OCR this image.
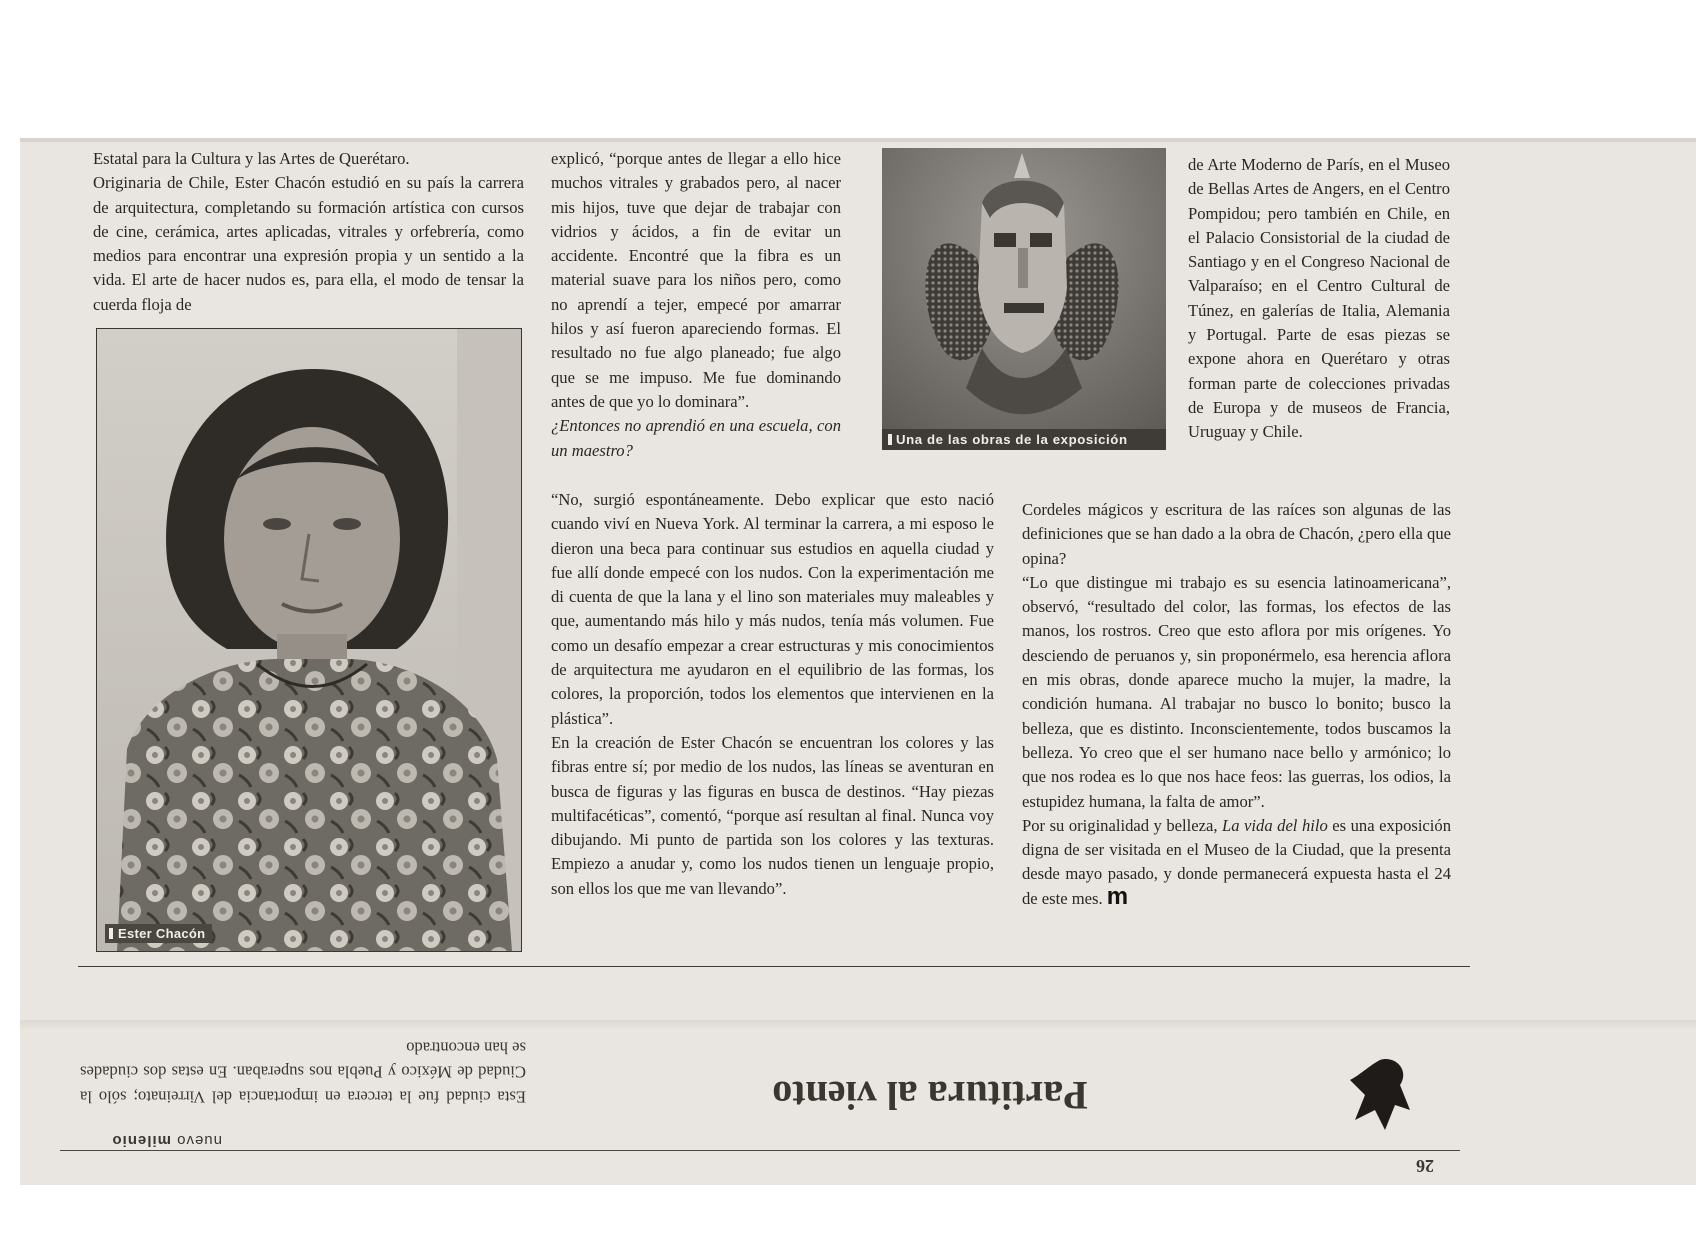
Estatal para la Cultura y las Artes de Querétaro.

Originaria de Chile, Ester Chacón estudió en su país la carrera de arquitectura, completando su formación artística con cursos de cine, cerámica, artes aplicadas, vitrales y orfebrería, como medios para encontrar una expresión propia y un sentido a la vida. El arte de hacer nudos es, para ella, el modo de tensar la cuerda floja de

Ester Chacón

explicó, “porque antes de llegar a ello hice muchos vitrales y grabados pero, al nacer mis hijos, tuve que dejar de trabajar con vidrios y ácidos, a fin de evitar un accidente. Encontré que la fibra es un material suave para los niños pero, como no aprendí a tejer, empecé por amarrar hilos y así fueron apareciendo formas. El resultado no fue algo planeado; fue algo que se me impuso. Me fue dominando antes de que yo lo dominara”.

¿Entonces no aprendió en una escuela, con un maestro?

“No, surgió espontáneamente. Debo explicar que esto nació cuando viví en Nueva York. Al terminar la carrera, a mi esposo le dieron una beca para continuar sus estudios en aquella ciudad y fue allí donde empecé con los nudos. Con la experimentación me di cuenta de que la lana y el lino son materiales muy maleables y que, aumentando más hilo y más nudos, tenía más volumen. Fue como un desafío empezar a crear estructuras y mis conocimientos de arquitectura me ayudaron en el equilibrio de las formas, los colores, la proporción, todos los elementos que intervienen en la plástica”.

En la creación de Ester Chacón se encuentran los colores y las fibras entre sí; por medio de los nudos, las líneas se aventuran en busca de figuras y las figuras en busca de destinos. “Hay piezas multifacéticas”, comentó, “porque así resultan al final. Nunca voy dibujando. Mi punto de partida son los colores y las texturas. Empiezo a anudar y, como los nudos tienen un lenguaje propio, son ellos los que me van llevando”.

Una de las obras de la exposición

de Arte Moderno de París, en el Museo de Bellas Artes de Angers, en el Centro Pompidou; pero también en Chile, en el Palacio Consistorial de la ciudad de Santiago y en el Congreso Nacional de Valparaíso; en el Centro Cultural de Túnez, en galerías de Italia, Alemania y Portugal. Parte de esas piezas se expone ahora en Querétaro y otras forman parte de colecciones privadas de Europa y de museos de Francia, Uruguay y Chile.

Cordeles mágicos y escritura de las raíces son algunas de las definiciones que se han dado a la obra de Chacón, ¿pero ella que opina?

“Lo que distingue mi trabajo es su esencia latinoamericana”, observó, “resultado del color, las formas, los efectos de las manos, los rostros. Creo que esto aflora por mis orígenes. Yo desciendo de peruanos y, sin proponérmelo, esa herencia aflora en mis obras, donde aparece mucho la mujer, la madre, la condición humana. Al trabajar no busco lo bonito; busco la belleza, que es distinto. Inconscientemente, todos buscamos la belleza. Yo creo que el ser humano nace bello y armónico; lo que nos rodea es lo que nos hace feos: las guerras, los odios, la estupidez humana, la falta de amor”.

Por su originalidad y belleza, La vida del hilo es una exposición digna de ser visitada en el Museo de la Ciudad, que la presenta desde mayo pasado, y donde permanecerá expuesta hasta el 24 de este mes. m

Esta ciudad fue la tercera en importancia del Virreinato; sólo la Ciudad de México y Puebla nos superaban. En estas dos ciudades se han encontrado
nuevo milenio
Partitura al viento
26
